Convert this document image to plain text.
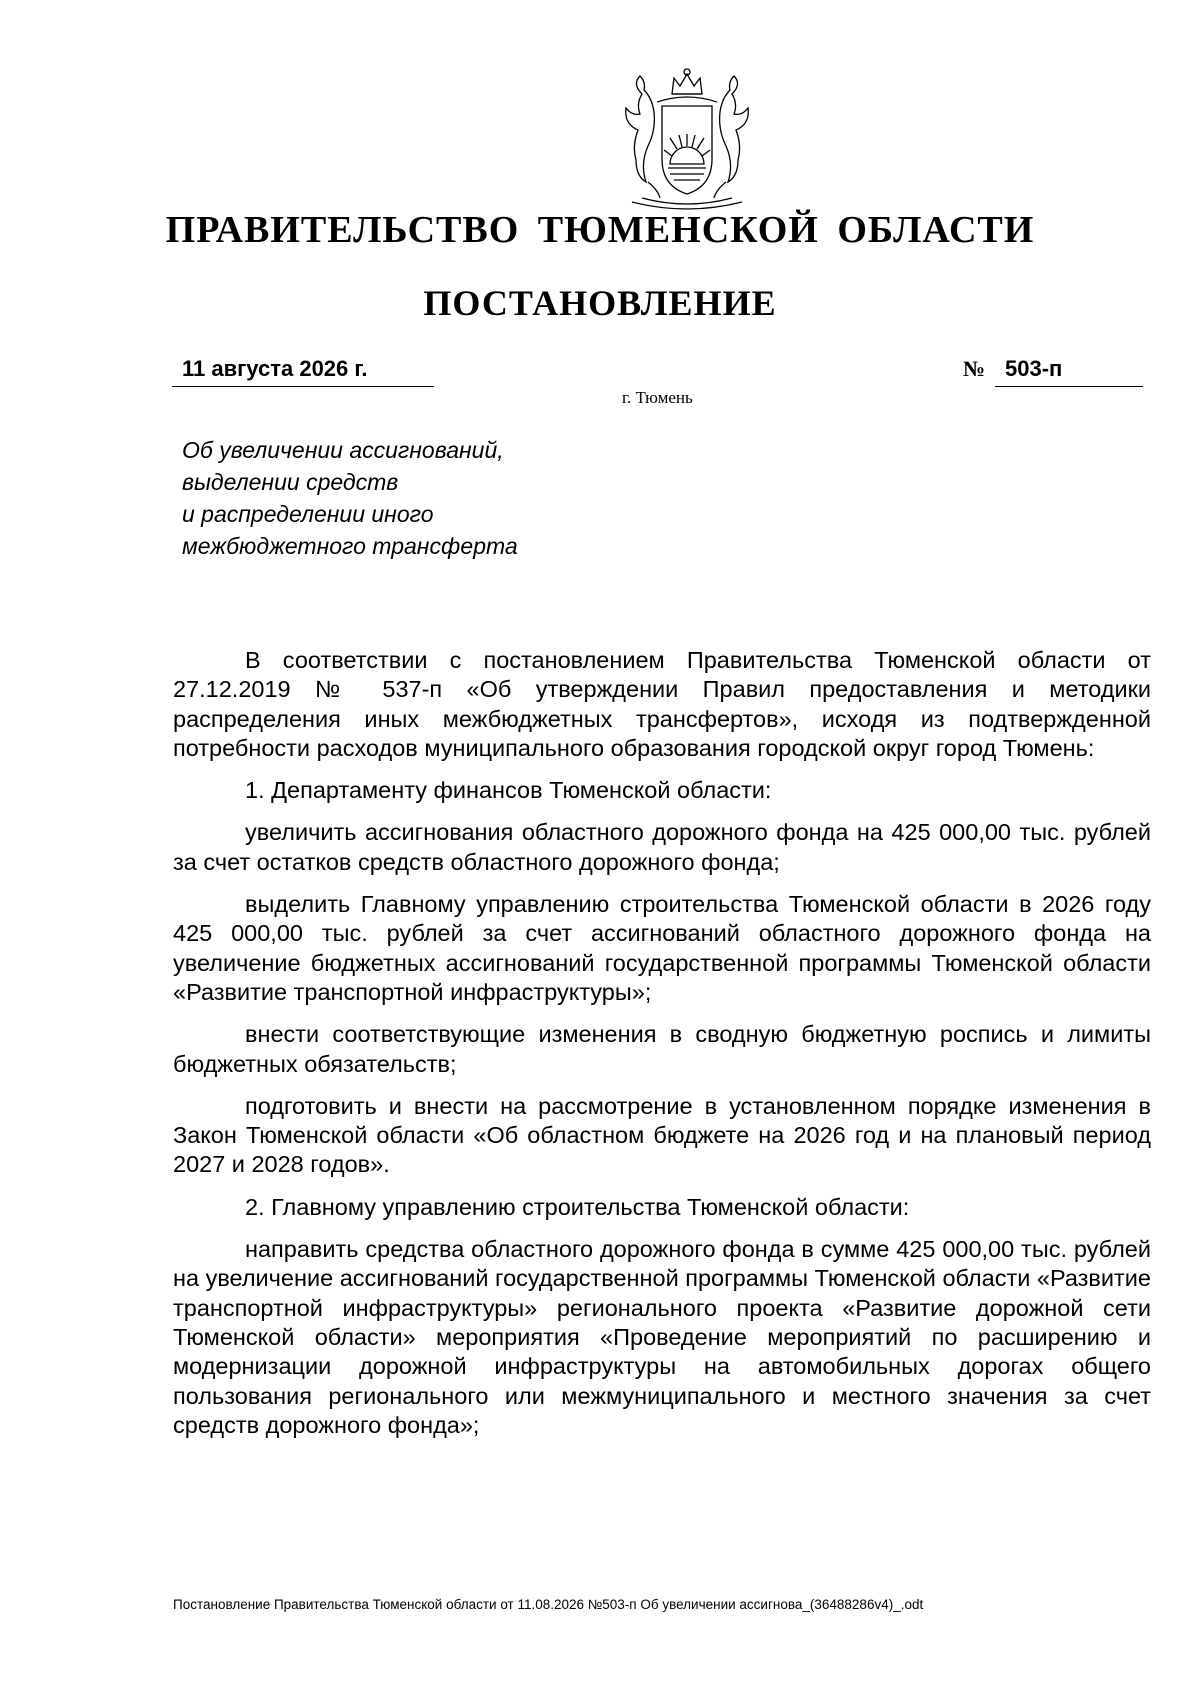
ПРАВИТЕЛЬСТВО ТЮМЕНСКОЙ ОБЛАСТИ
ПОСТАНОВЛЕНИЕ
11 августа 2026 г.	№ 503-п
г. Тюмень
Об увеличении ассигнований,
выделении средств
и распределении иного
межбюджетного трансферта

В соответствии с постановлением Правительства Тюменской области от 27.12.2019 № 537-п «Об утверждении Правил предоставления и методики распределения иных межбюджетных трансфертов», исходя из подтвержденной потребности расходов муниципального образования городской округ город Тюмень:

1. Департаменту финансов Тюменской области:

увеличить ассигнования областного дорожного фонда на 425 000,00 тыс. рублей за счет остатков средств областного дорожного фонда;

выделить Главному управлению строительства Тюменской области в 2026 году 425 000,00 тыс. рублей за счет ассигнований областного дорожного фонда на увеличение бюджетных ассигнований государственной программы Тюменской области «Развитие транспортной инфраструктуры»;

внести соответствующие изменения в сводную бюджетную роспись и лимиты бюджетных обязательств;

подготовить и внести на рассмотрение в установленном порядке изменения в Закон Тюменской области «Об областном бюджете на 2026 год и на плановый период 2027 и 2028 годов».

2. Главному управлению строительства Тюменской области:

направить средства областного дорожного фонда в сумме 425 000,00 тыс. рублей на увеличение ассигнований государственной программы Тюменской области «Развитие транспортной инфраструктуры» регионального проекта «Развитие дорожной сети Тюменской области» мероприятия «Проведение мероприятий по расширению и модернизации дорожной инфраструктуры на автомобильных дорогах общего пользования регионального или межмуниципального и местного значения за счет средств дорожного фонда»;

Постановление Правительства Тюменской области от 11.08.2026 №503-п Об увеличении ассигнова_(36488286v4)_.odt
